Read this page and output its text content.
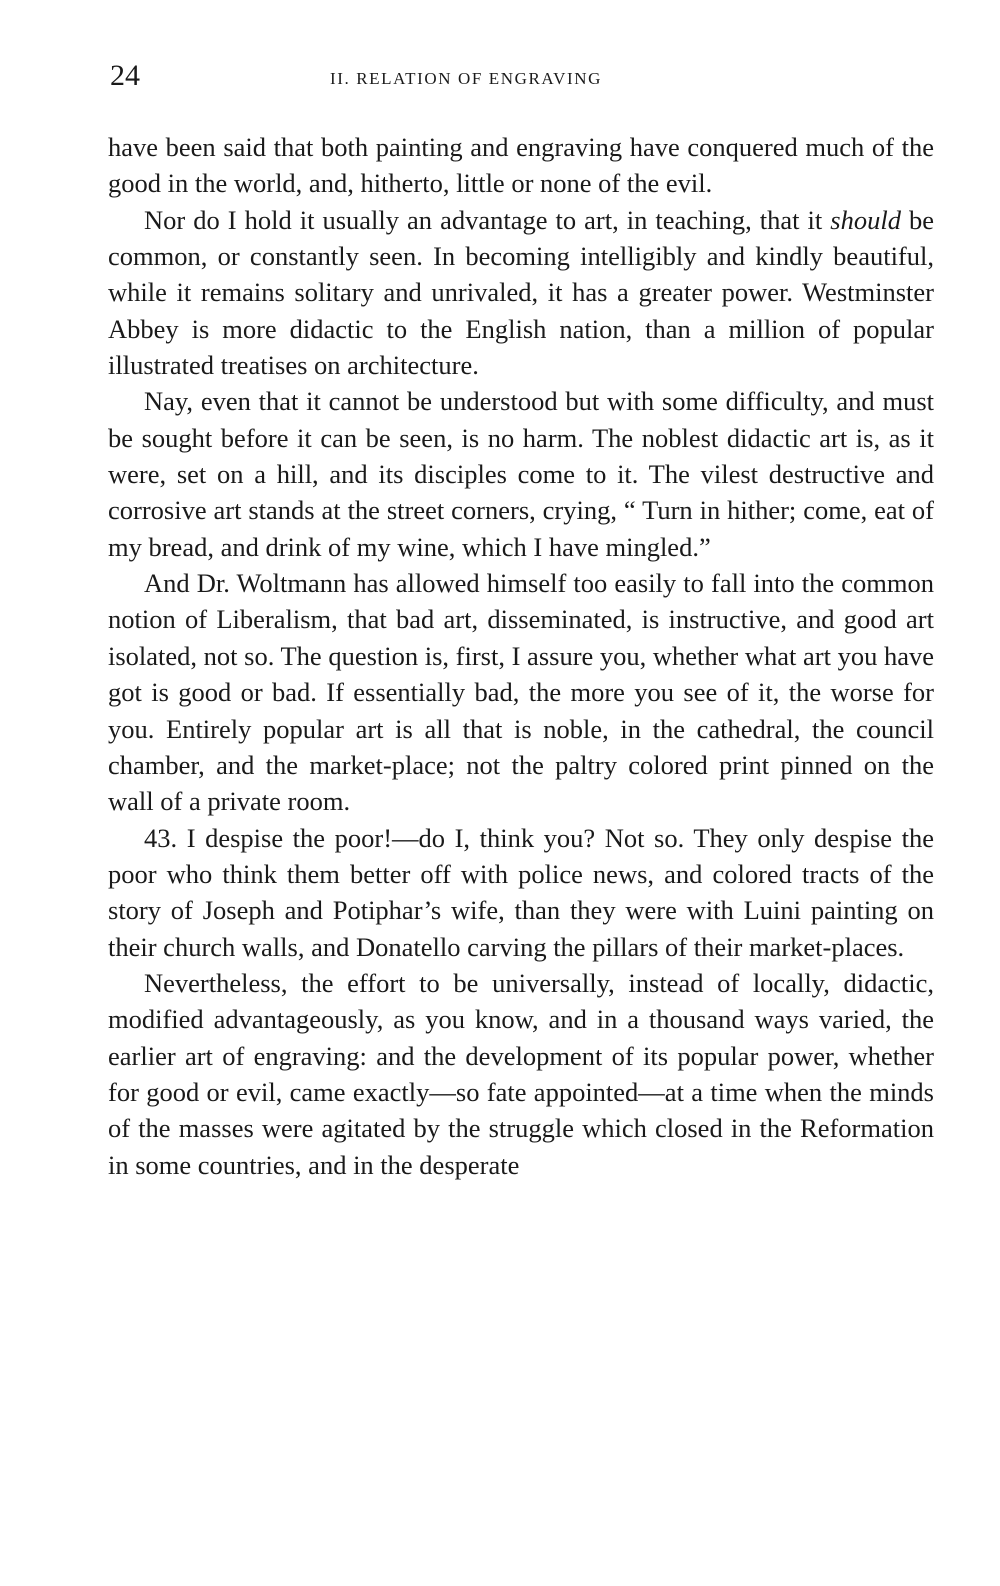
24	II. RELATION OF ENGRAVING

have been said that both painting and engraving have conquered much of the good in the world, and, hitherto, little or none of the evil.

Nor do I hold it usually an advantage to art, in teaching, that it should be common, or constantly seen. In becoming intelligibly and kindly beautiful, while it remains solitary and unrivaled, it has a greater power. Westminster Abbey is more didactic to the English nation, than a million of popular illustrated treatises on architecture.

Nay, even that it cannot be understood but with some difficulty, and must be sought before it can be seen, is no harm. The noblest didactic art is, as it were, set on a hill, and its disciples come to it. The vilest destructive and corrosive art stands at the street corners, crying, “ Turn in hither; come, eat of my bread, and drink of my wine, which I have mingled.”

And Dr. Woltmann has allowed himself too easily to fall into the common notion of Liberalism, that bad art, disseminated, is instructive, and good art isolated, not so. The question is, first, I assure you, whether what art you have got is good or bad. If essentially bad, the more you see of it, the worse for you. Entirely popular art is all that is noble, in the cathedral, the council chamber, and the market-place; not the paltry colored print pinned on the wall of a private room.

43. I despise the poor!—do I, think you? Not so. They only despise the poor who think them better off with police news, and colored tracts of the story of Joseph and Potiphar’s wife, than they were with Luini painting on their church walls, and Donatello carving the pillars of their market-places.

Nevertheless, the effort to be universally, instead of locally, didactic, modified advantageously, as you know, and in a thousand ways varied, the earlier art of engraving: and the development of its popular power, whether for good or evil, came exactly—so fate appointed—at a time when the minds of the masses were agitated by the struggle which closed in the Reformation in some countries, and in the desperate
